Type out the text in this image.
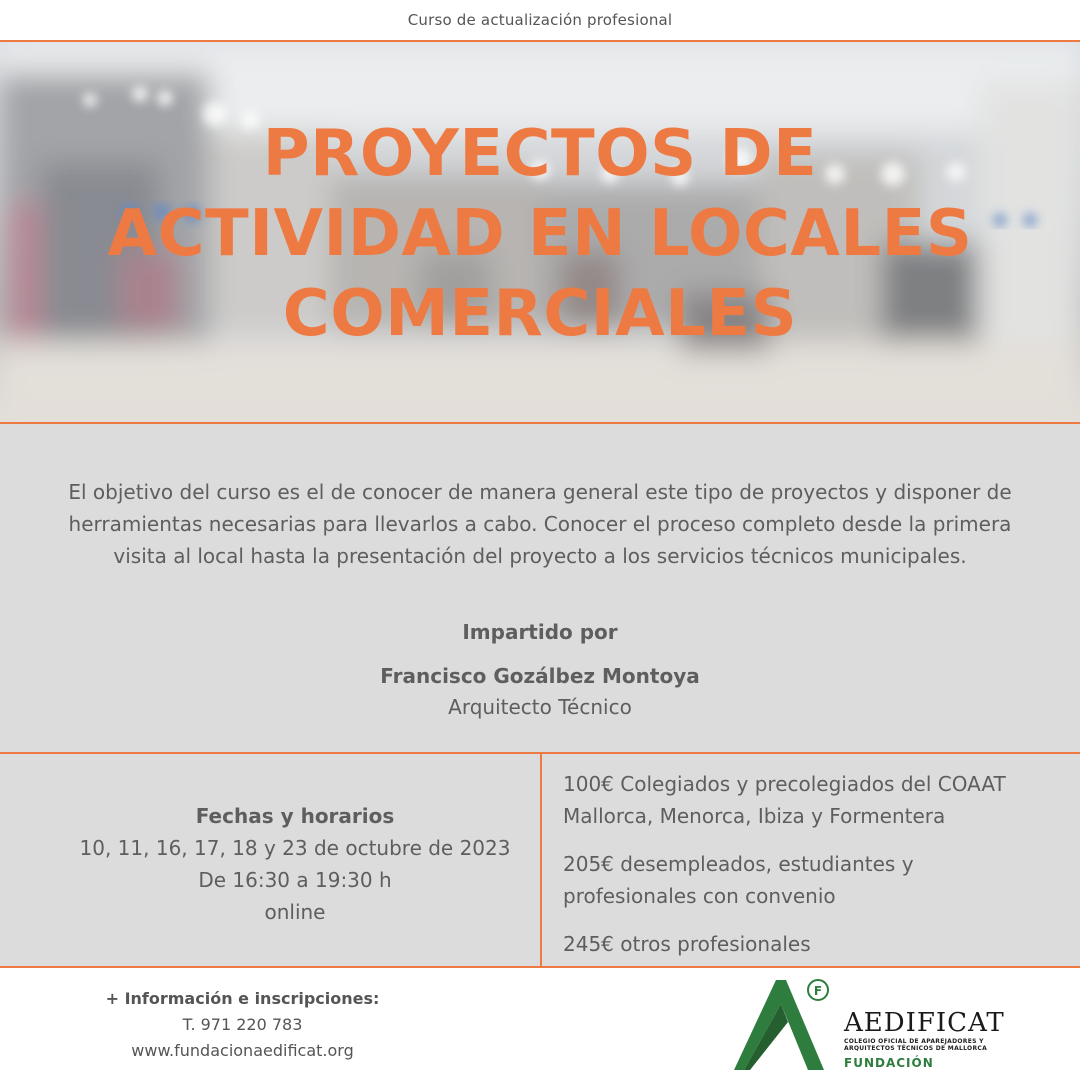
Curso de actualización profesional
PROYECTOS DE
ACTIVIDAD EN LOCALES
COMERCIALES

El objetivo del curso es el de conocer de manera general este tipo de proyectos y disponer de herramientas necesarias para llevarlos a cabo. Conocer el proceso completo desde la primera visita al local hasta la presentación del proyecto a los servicios técnicos municipales.

Impartido por
Francisco Gozálbez Montoya
Arquitecto Técnico
Fechas y horarios
10, 11, 16, 17, 18 y 23 de octubre de 2023
De 16:30 a 19:30 h
online
100€ Colegiados y precolegiados del COAAT
Mallorca, Menorca, Ibiza y Formentera
205€ desempleados, estudiantes y
profesionales con convenio
245€ otros profesionales
+ Información e inscripciones:
T. 971 220 783
www.fundacionaedificat.org
F
AEDIFICAT
COLEGIO OFICIAL DE APAREJADORES Y
ARQUITECTOS TÉCNICOS DE MALLORCA
FUNDACIÓN
